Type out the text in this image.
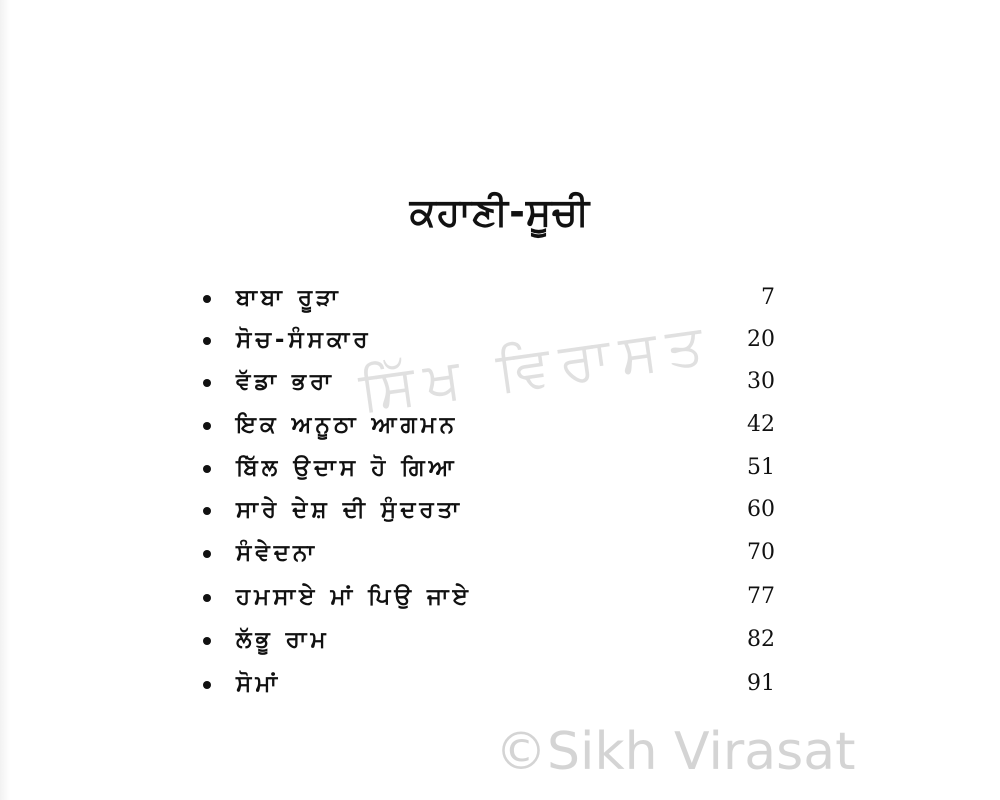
ਕਹਾਣੀ-ਸੂਚੀ
ਬਾਬਾ ਰੂੜਾ	7
ਸੋਚ-ਸੰਸਕਾਰ	20
ਵੱਡਾ ਭਰਾ	30
ਇਕ ਅਨੂਠਾ ਆਗਮਨ	42
ਬਿੱਲ ਉਦਾਸ ਹੋ ਗਿਆ	51
ਸਾਰੇ ਦੇਸ਼ ਦੀ ਸੁੰਦਰਤਾ	60
ਸੰਵੇਦਨਾ	70
ਹਮਸਾਏ ਮਾਂ ਪਿਉ ਜਾਏ	77
ਲੱਭੂ ਰਾਮ	82
ਸੋਮਾਂ	91
ਸਿੱਖ ਵਿਰਾਸਤ
©Sikh Virasat
